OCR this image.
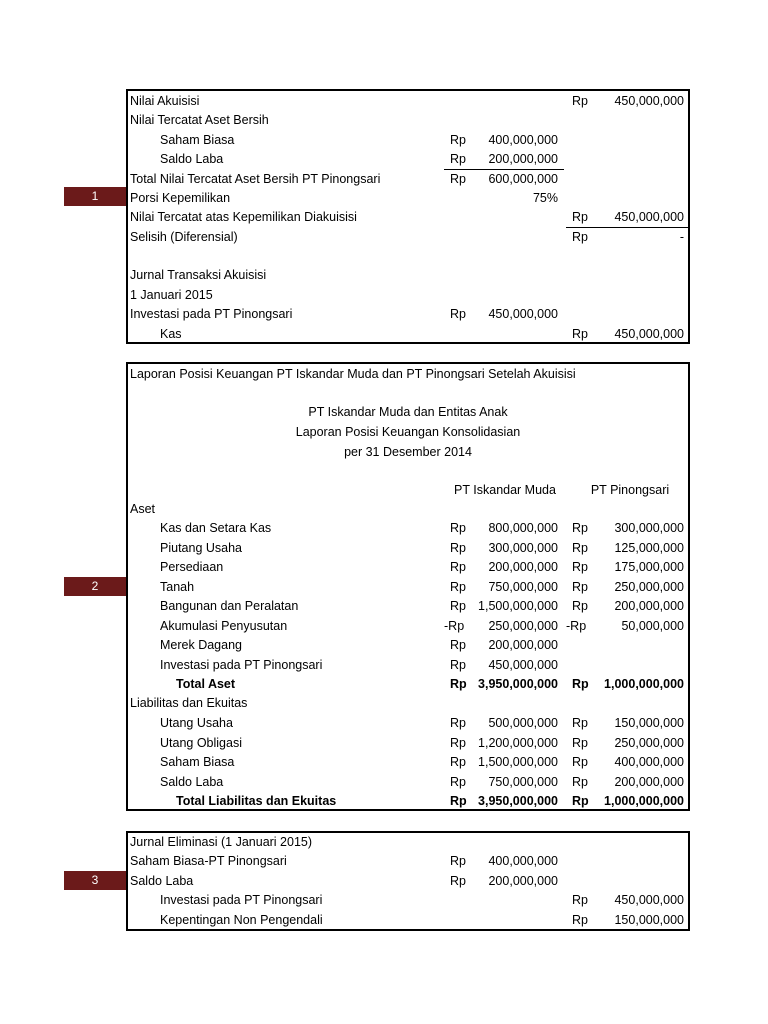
1
2
3
Nilai Akuisisi	Rp 450,000,000
Nilai Tercatat Aset Bersih
Saham Biasa	Rp 400,000,000
Saldo Laba	Rp 200,000,000
Total Nilai Tercatat Aset Bersih PT Pinongsari	Rp 600,000,000
Porsi Kepemilikan	75%
Nilai Tercatat atas Kepemilikan Diakuisisi	Rp 450,000,000
Selisih (Diferensial)	Rp	-
Jurnal Transaksi Akuisisi
1 Januari 2015
Investasi pada PT Pinongsari	Rp 450,000,000
Kas	Rp 450,000,000
Laporan Posisi Keuangan PT Iskandar Muda dan PT Pinongsari Setelah Akuisisi
PT Iskandar Muda dan Entitas Anak
Laporan Posisi Keuangan Konsolidasian
per 31 Desember 2014
PT Iskandar Muda	PT Pinongsari
Aset
Kas dan Setara Kas	Rp 800,000,000 Rp 300,000,000
Piutang Usaha	Rp 300,000,000 Rp 125,000,000
Persediaan	Rp 200,000,000 Rp 175,000,000
Tanah	Rp 750,000,000 Rp 250,000,000
Bangunan dan Peralatan	Rp 1,500,000,000 Rp 200,000,000
Akumulasi Penyusutan	-Rp 250,000,000 -Rp	50,000,000
Merek Dagang	Rp 200,000,000
Investasi pada PT Pinongsari	Rp 450,000,000
Total Aset	Rp 3,950,000,000 Rp 1,000,000,000
Liabilitas dan Ekuitas
Utang Usaha	Rp 500,000,000 Rp 150,000,000
Utang Obligasi	Rp 1,200,000,000 Rp 250,000,000
Saham Biasa	Rp 1,500,000,000 Rp 400,000,000
Saldo Laba	Rp 750,000,000 Rp 200,000,000
Total Liabilitas dan Ekuitas	Rp 3,950,000,000 Rp 1,000,000,000
Jurnal Eliminasi (1 Januari 2015)
Saham Biasa-PT Pinongsari	Rp 400,000,000
Saldo Laba	Rp 200,000,000
Investasi pada PT Pinongsari	Rp 450,000,000
Kepentingan Non Pengendali	Rp 150,000,000
